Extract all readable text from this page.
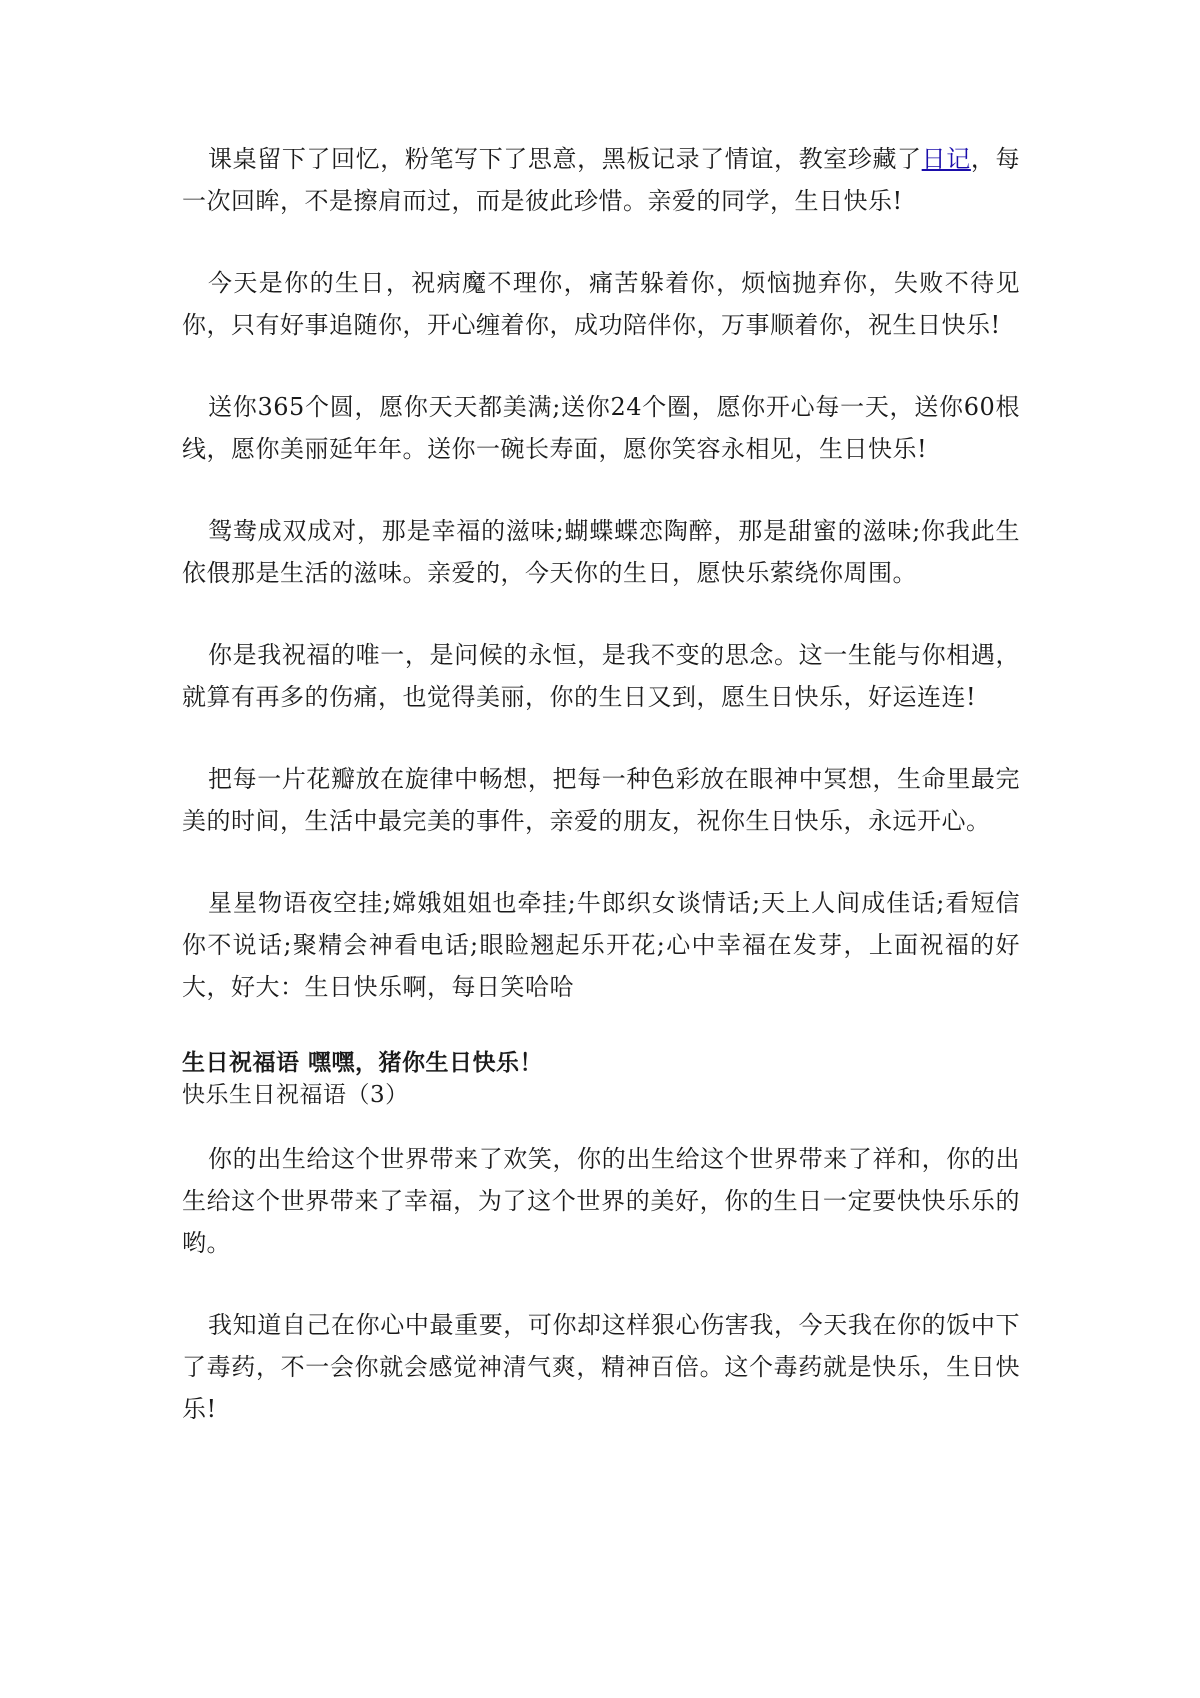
课桌留下了回忆，粉笔写下了思意，黑板记录了情谊，教室珍藏了日记，每一次回眸，不是擦肩而过，而是彼此珍惜。亲爱的同学，生日快乐!

今天是你的生日，祝病魔不理你，痛苦躲着你，烦恼抛弃你，失败不待见你，只有好事追随你，开心缠着你，成功陪伴你，万事顺着你，祝生日快乐!

送你365个圆，愿你天天都美满;送你24个圈，愿你开心每一天，送你60根线，愿你美丽延年年。送你一碗长寿面，愿你笑容永相见，生日快乐!

鸳鸯成双成对，那是幸福的滋味;蝴蝶蝶恋陶醉，那是甜蜜的滋味;你我此生依偎那是生活的滋味。亲爱的，今天你的生日，愿快乐萦绕你周围。

你是我祝福的唯一，是问候的永恒，是我不变的思念。这一生能与你相遇，就算有再多的伤痛，也觉得美丽，你的生日又到，愿生日快乐，好运连连!

把每一片花瓣放在旋律中畅想，把每一种色彩放在眼神中冥想，生命里最完美的时间，生活中最完美的事件，亲爱的朋友，祝你生日快乐，永远开心。

星星物语夜空挂;嫦娥姐姐也牵挂;牛郎织女谈情话;天上人间成佳话;看短信你不说话;聚精会神看电话;眼睑翘起乐开花;心中幸福在发芽，上面祝福的好大，好大：生日快乐啊，每日笑哈哈

生日祝福语 嘿嘿，猪你生日快乐！
快乐生日祝福语（3）

你的出生给这个世界带来了欢笑，你的出生给这个世界带来了祥和，你的出生给这个世界带来了幸福，为了这个世界的美好，你的生日一定要快快乐乐的哟。

我知道自己在你心中最重要，可你却这样狠心伤害我，今天我在你的饭中下了毒药，不一会你就会感觉神清气爽，精神百倍。这个毒药就是快乐，生日快乐!
